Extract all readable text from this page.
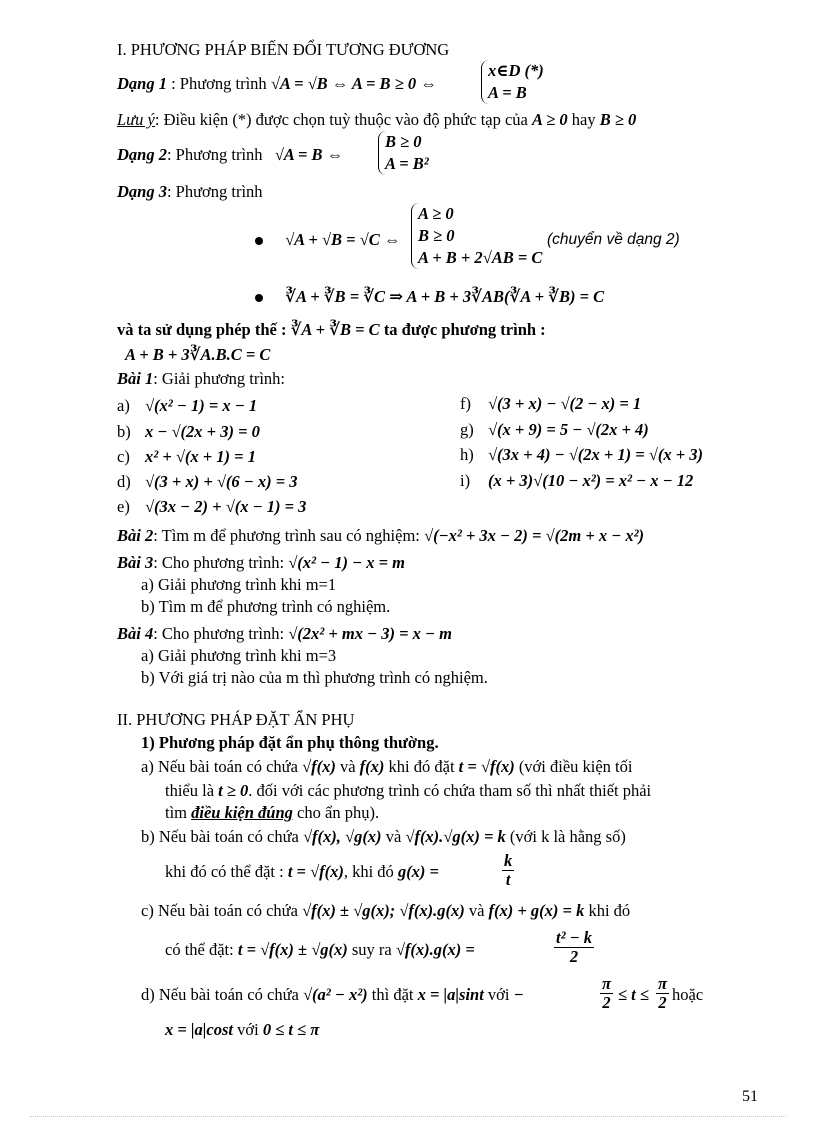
I. PHƯƠNG PHÁP BIẾN ĐỔI TƯƠNG ĐƯƠNG
Dạng 1 : Phương trình √A = √B ⇔ A = B ≥ 0 ⇔
x∈D (*)
A = B
Lưu ý: Điều kiện (*) được chọn tuỳ thuộc vào độ phức tạp của A ≥ 0 hay B ≥ 0
Dạng 2: Phương trình √A = B ⇔
B ≥ 0
A = B²
Dạng 3: Phương trình
√A + √B = √C ⇔
A ≥ 0
B ≥ 0
A + B + 2√AB = C
(chuyển về dạng 2)
∛A + ∛B = ∛C ⇒ A + B + 3∛AB(∛A + ∛B) = C
và ta sử dụng phép thế : ∛A + ∛B = C ta được phương trình :
A + B + 3∛A.B.C = C
Bài 1: Giải phương trình:
a) √(x² − 1) = x − 1
b) x − √(2x + 3) = 0
c) x² + √(x + 1) = 1
d) √(3 + x) + √(6 − x) = 3
e) √(3x − 2) + √(x − 1) = 3
f) √(3 + x) − √(2 − x) = 1
g) √(x + 9) = 5 − √(2x + 4)
h) √(3x + 4) − √(2x + 1) = √(x + 3)
i) (x + 3)√(10 − x²) = x² − x − 12
Bài 2: Tìm m để phương trình sau có nghiệm: √(−x² + 3x − 2) = √(2m + x − x²)
Bài 3: Cho phương trình: √(x² − 1) − x = m
a) Giải phương trình khi m=1
b) Tìm m để phương trình có nghiệm.
Bài 4: Cho phương trình: √(2x² + mx − 3) = x − m
a) Giải phương trình khi m=3
b) Với giá trị nào của m thì phương trình có nghiệm.
II. PHƯƠNG PHÁP ĐẶT ẨN PHỤ
1) Phương pháp đặt ẩn phụ thông thường.
a) Nếu bài toán có chứa √f(x) và f(x) khi đó đặt t = √f(x) (với điều kiện tối
thiểu là t ≥ 0. đối với các phương trình có chứa tham số thì nhất thiết phải
tìm điều kiện đúng cho ẩn phụ).
b) Nếu bài toán có chứa √f(x), √g(x) và √f(x).√g(x) = k (với k là hằng số)
khi đó có thể đặt : t = √f(x), khi đó g(x) =	$\frac{k}{t}$
c) Nếu bài toán có chứa √f(x) ± √g(x); √f(x).g(x) và f(x) + g(x) = k khi đó
có thể đặt: t = √f(x) ± √g(x) suy ra √f(x).g(x) =	$\frac{\text{t² − k}}{2}$
d) Nếu bài toán có chứa √(a² − x²) thì đặt x = |a|sint với −	$\frac{\pi}{2} \le t \le \frac{\pi}{2}$ hoặc
x = |a|cost với 0 ≤ t ≤ π
51
